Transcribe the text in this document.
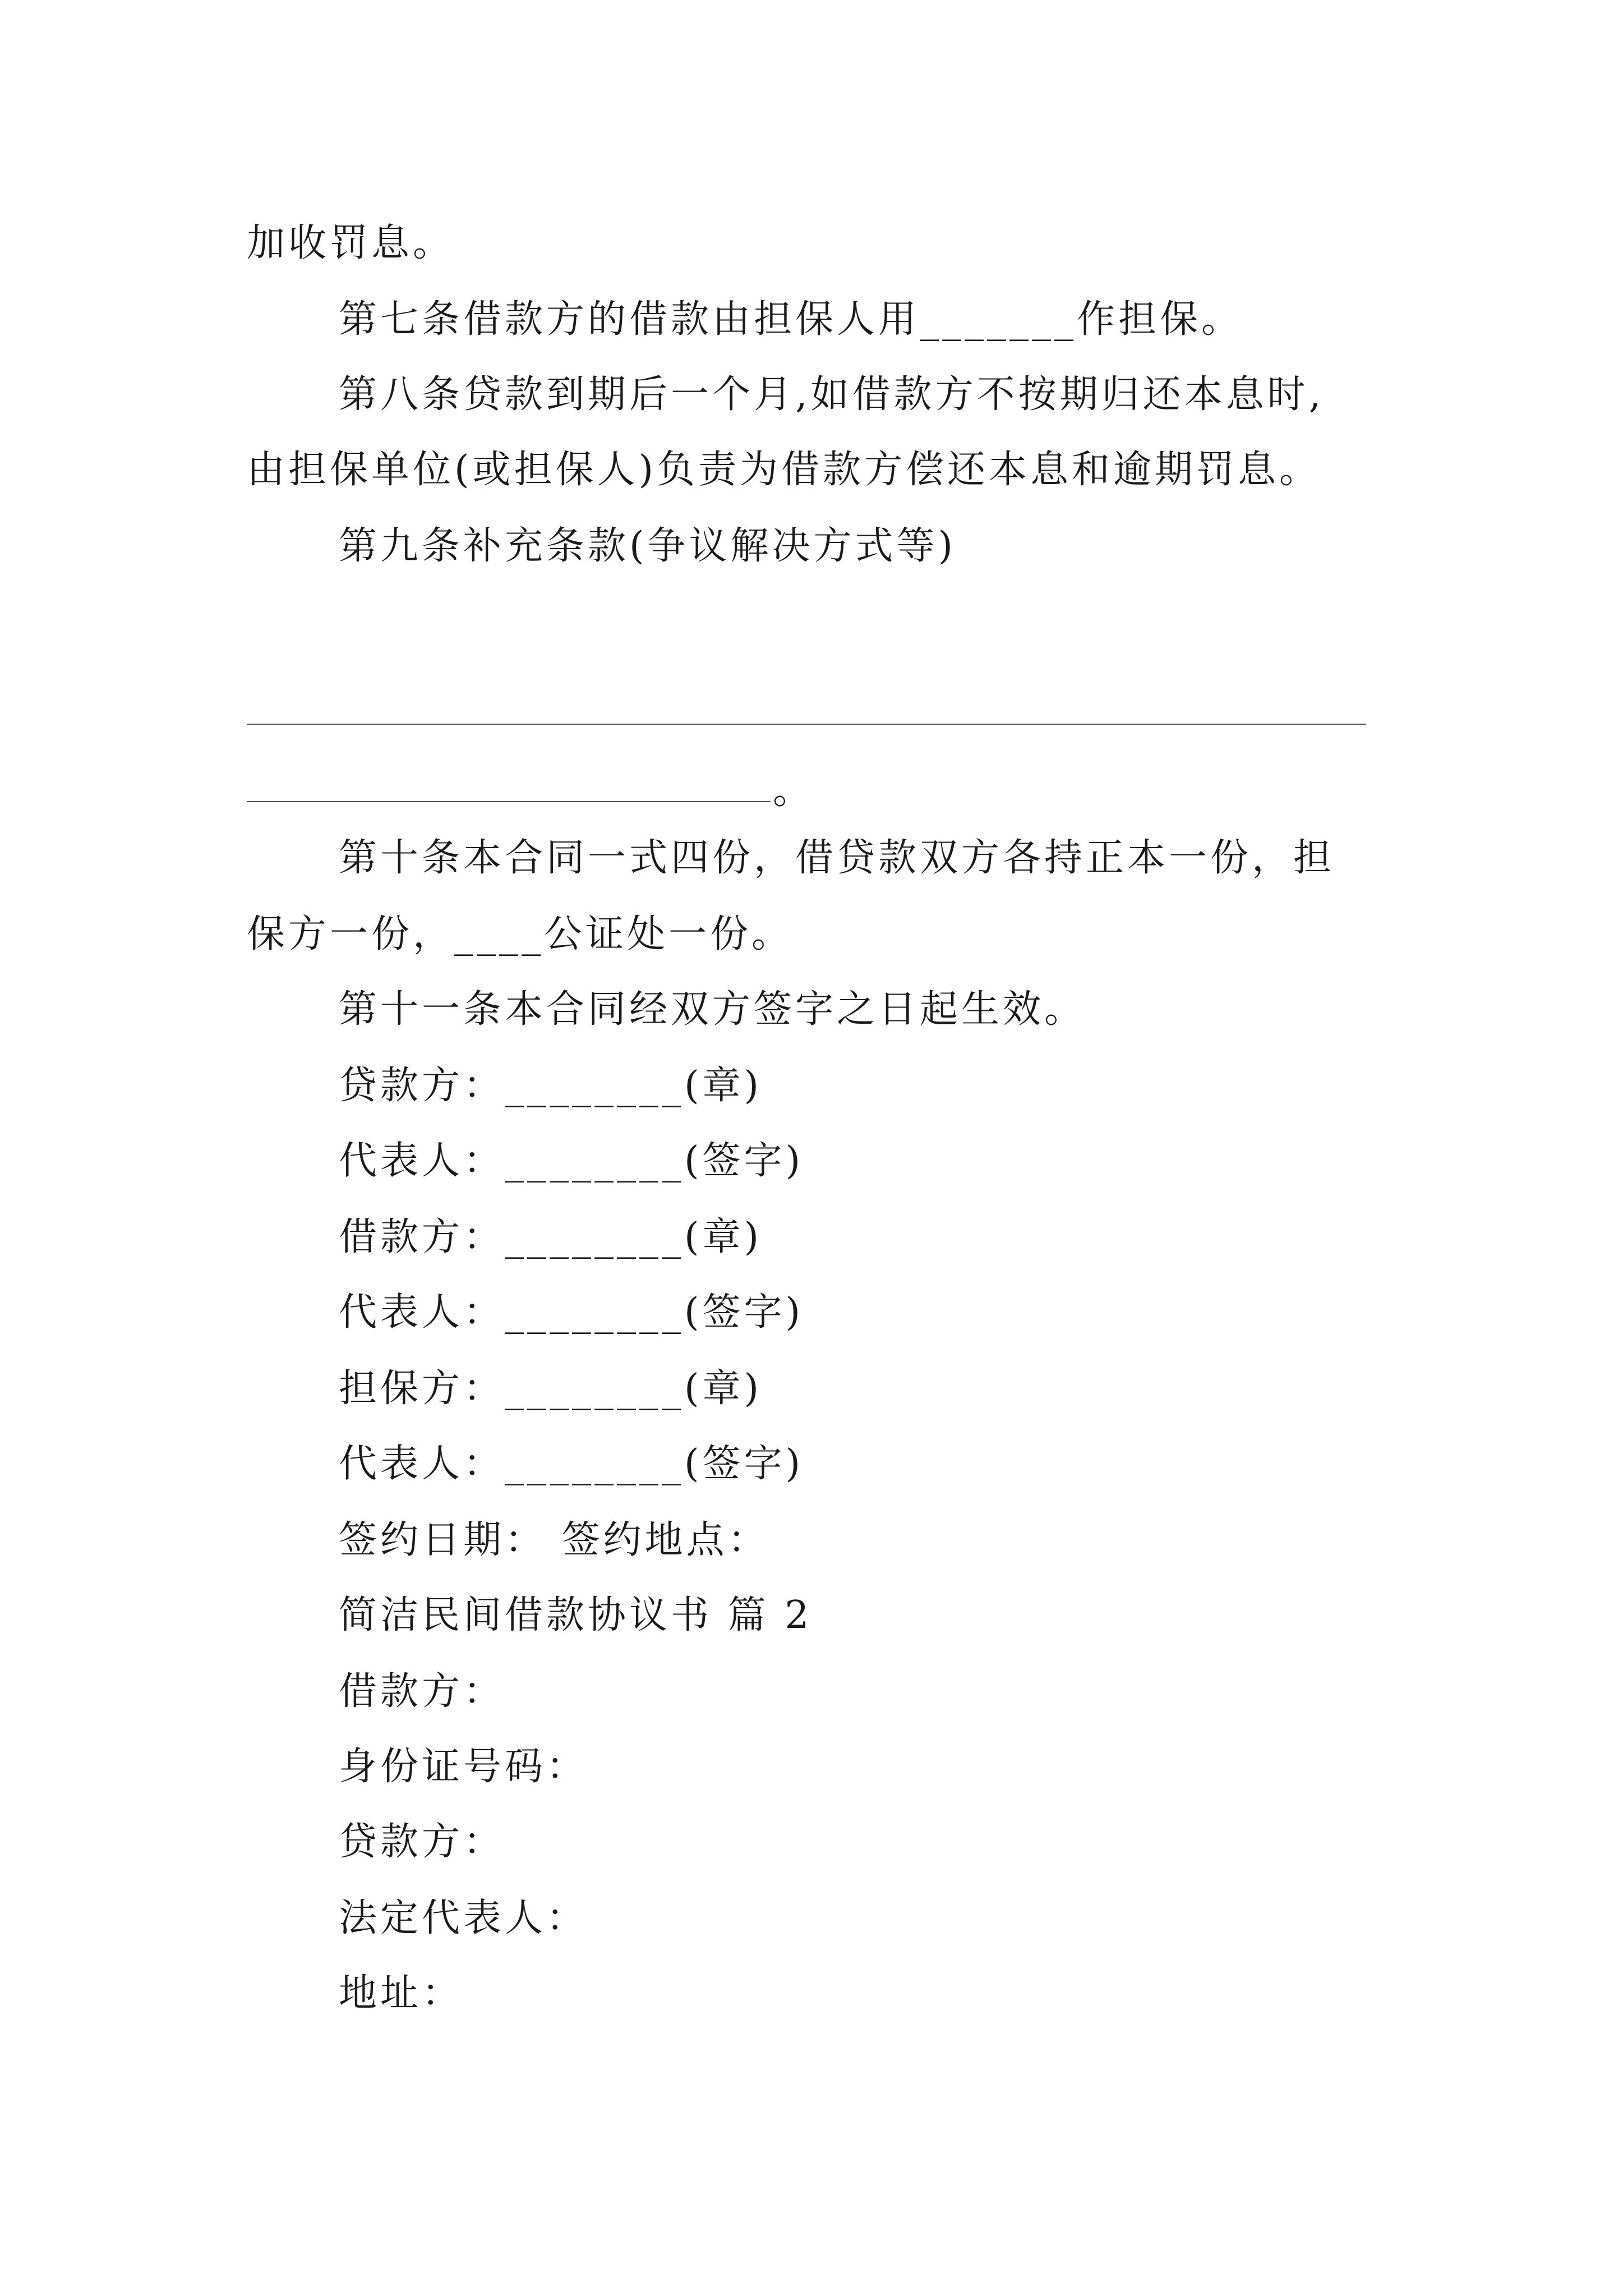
加收罚息。
第七条借款方的借款由担保人用_______作担保。
第八条贷款到期后一个月,如借款方不按期归还本息时,
由担保单位(或担保人)负责为借款方偿还本息和逾期罚息。
第九条补充条款(争议解决方式等)
。
第十条本合同一式四份，借贷款双方各持正本一份，担
保方一份，____公证处一份。
第十一条本合同经双方签字之日起生效。
贷款方：________(章)
代表人：________(签字)
借款方：________(章)
代表人：________(签字)
担保方：________(章)
代表人：________(签字)
签约日期： 签约地点：
简洁民间借款协议书 篇 2
借款方：
身份证号码：
贷款方：
法定代表人：
地址：
